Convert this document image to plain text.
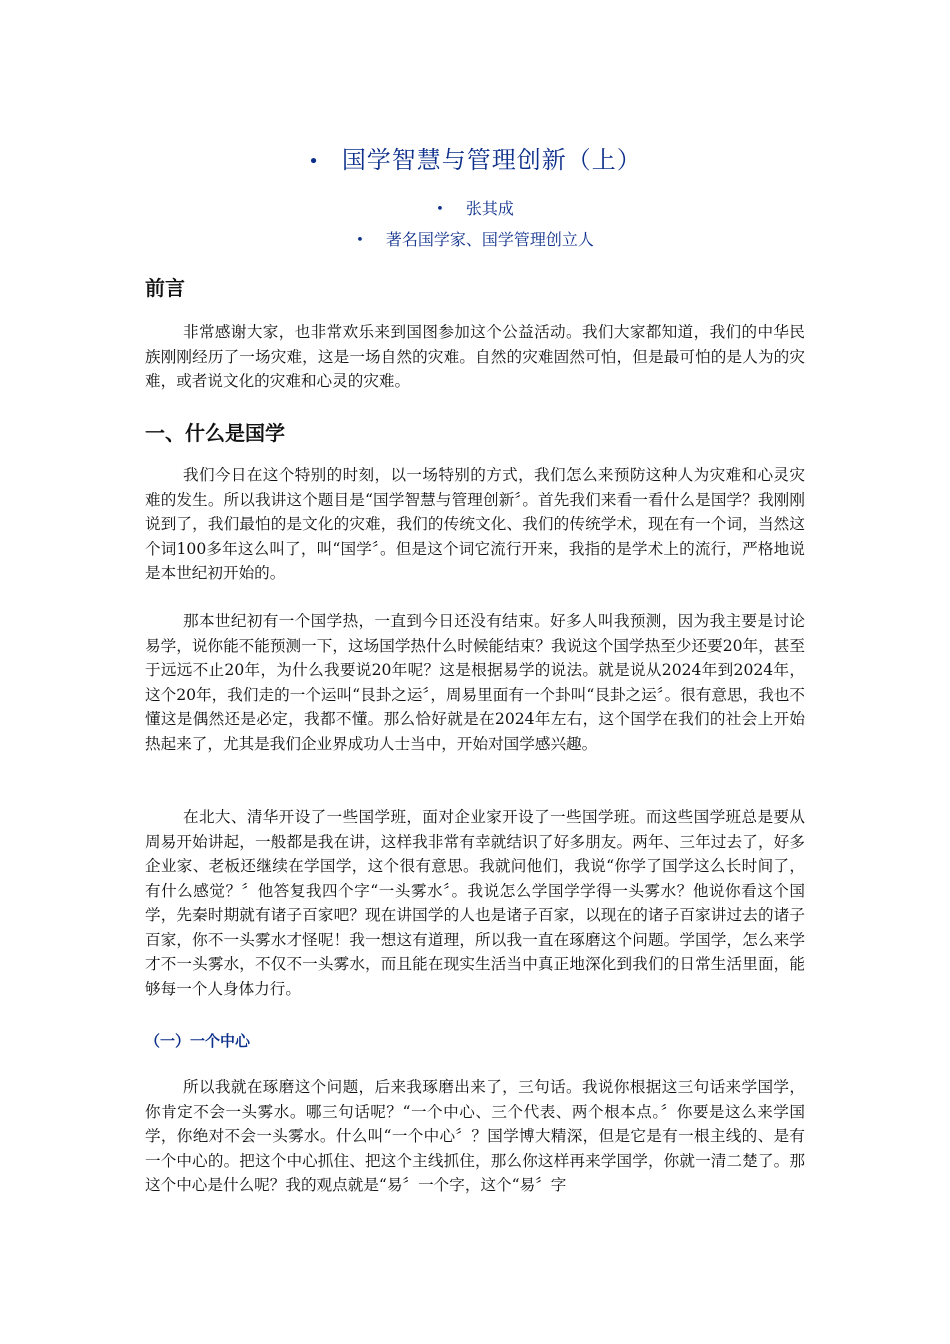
• 国学智慧与管理创新（上）
• 张其成
• 著名国学家、国学管理创立人
前言

非常感谢大家，也非常欢乐来到国图参加这个公益活动。我们大家都知道，我们的中华民族刚刚经历了一场灾难，这是一场自然的灾难。自然的灾难固然可怕，但是最可怕的是人为的灾难，或者说文化的灾难和心灵的灾难。

一、什么是国学

我们今日在这个特别的时刻，以一场特别的方式，我们怎么来预防这种人为灾难和心灵灾难的发生。所以我讲这个题目是“国学智慧与管理创新〞。首先我们来看一看什么是国学？我刚刚说到了，我们最怕的是文化的灾难，我们的传统文化、我们的传统学术，现在有一个词，当然这个词100多年这么叫了，叫“国学〞。但是这个词它流行开来，我指的是学术上的流行，严格地说是本世纪初开始的。

那本世纪初有一个国学热，一直到今日还没有结束。好多人叫我预测，因为我主要是讨论易学，说你能不能预测一下，这场国学热什么时候能结束？我说这个国学热至少还要20年，甚至于远远不止20年，为什么我要说20年呢？这是根据易学的说法。就是说从2024年到2024年，这个20年，我们走的一个运叫“艮卦之运〞，周易里面有一个卦叫“艮卦之运〞。很有意思，我也不懂这是偶然还是必定，我都不懂。那么恰好就是在2024年左右，这个国学在我们的社会上开始热起来了，尤其是我们企业界成功人士当中，开始对国学感兴趣。

在北大、清华开设了一些国学班，面对企业家开设了一些国学班。而这些国学班总是要从周易开始讲起，一般都是我在讲，这样我非常有幸就结识了好多朋友。两年、三年过去了，好多企业家、老板还继续在学国学，这个很有意思。我就问他们，我说“你学了国学这么长时间了，有什么感觉？〞他答复我四个字“一头雾水〞。我说怎么学国学学得一头雾水？他说你看这个国学，先秦时期就有诸子百家吧？现在讲国学的人也是诸子百家，以现在的诸子百家讲过去的诸子百家，你不一头雾水才怪呢！我一想这有道理，所以我一直在琢磨这个问题。学国学，怎么来学才不一头雾水，不仅不一头雾水，而且能在现实生活当中真正地深化到我们的日常生活里面，能够每一个人身体力行。

（一）一个中心

所以我就在琢磨这个问题，后来我琢磨出来了，三句话。我说你根据这三句话来学国学，你肯定不会一头雾水。哪三句话呢？“一个中心、三个代表、两个根本点。〞你要是这么来学国学，你绝对不会一头雾水。什么叫“一个中心〞？国学博大精深，但是它是有一根主线的、是有一个中心的。把这个中心抓住、把这个主线抓住，那么你这样再来学国学，你就一清二楚了。那这个中心是什么呢？我的观点就是“易〞一个字，这个“易〞字
